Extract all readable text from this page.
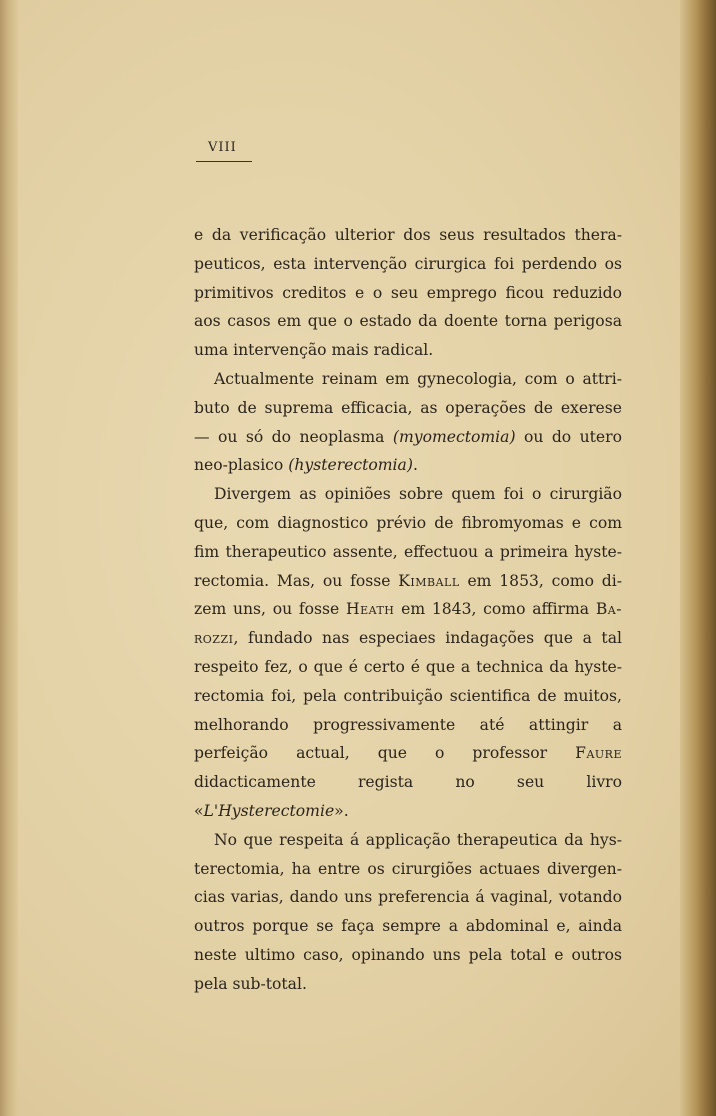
VIII

e da verificação ulterior dos seus resultados thera-peuticos, esta intervenção cirurgica foi perdendo os primitivos creditos e o seu emprego ficou reduzido aos casos em que o estado da doente torna perigosa uma intervenção mais radical.

Actualmente reinam em gynecologia, com o attri-buto de suprema efficacia, as operações de exerese — ou só do neoplasma (myomectomia) ou do utero neo-plasico (hysterectomia).

Divergem as opiniões sobre quem foi o cirurgião que, com diagnostico prévio de fibromyomas e com fim therapeutico assente, effectuou a primeira hyste-rectomia. Mas, ou fosse Kimball em 1853, como di-zem uns, ou fosse Heath em 1843, como affirma Ba-rozzi, fundado nas especiaes indagações que a tal respeito fez, o que é certo é que a technica da hyste-rectomia foi, pela contribuição scientifica de muitos, melhorando progressivamente até attingir a perfeição actual, que o professor Faure didacticamente regista no seu livro «L'Hysterectomie».

No que respeita á applicação therapeutica da hys-terectomia, ha entre os cirurgiões actuaes divergen-cias varias, dando uns preferencia á vaginal, votando outros porque se faça sempre a abdominal e, ainda neste ultimo caso, opinando uns pela total e outros pela sub-total.
